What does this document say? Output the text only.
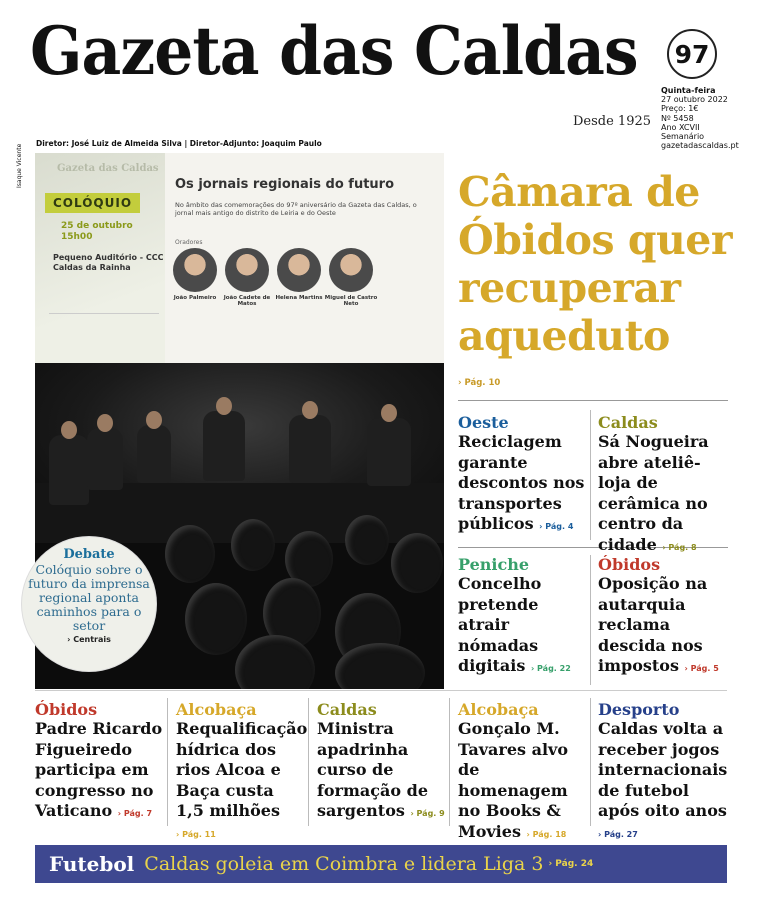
Gazeta das Caldas
Desde 1925
97
Quinta-feira
27 outubro 2022
Preço: 1€
Nº 5458
Ano XCVII
Semanário
gazetadascaldas.pt
Diretor: José Luiz de Almeida Silva | Diretor-Adjunto: Joaquim Paulo
Isaque Vicente	Gazeta das Caldas
COLÓQUIO
25 de outubro
15h00
Pequeno Auditório - CCC
Caldas da Rainha
Os jornais regionais do futuro
No âmbito das comemorações do 97º aniversário da Gazeta das Caldas, o jornal mais antigo do distrito de Leiria e do Oeste
Oradores
João Palmeiro	João Cadete de Matos
Helena Martins Miguel de Castro Neto
Debate
Colóquio sobre o futuro da imprensa regional aponta caminhos para o setor
› Centrais
Câmara de Óbidos quer recuperar aqueduto
› Pág. 10
Oeste
Reciclagem garante descontos nos transportes públicos › Pág. 4
Caldas
Sá Nogueira abre ateliê-loja de cerâmica no centro da cidade › Pág. 8
Peniche
Concelho pretende atrair nómadas digitais › Pág. 22
Óbidos
Oposição na autarquia reclama descida nos impostos › Pág. 5
Óbidos
Padre Ricardo Figueiredo participa em congresso no Vaticano › Pág. 7
Alcobaça
Requalificação hídrica dos rios Alcoa e Baça custa 1,5 milhões › Pág. 11
Caldas
Ministra apadrinha curso de formação de sargentos › Pág. 9
Alcobaça
Gonçalo M. Tavares alvo de homenagem no Books & Movies › Pág. 18
Desporto
Caldas volta a receber jogos internacionais de futebol após oito anos › Pág. 27
Futebol Caldas goleia em Coimbra e lidera Liga 3 › Pág. 24
